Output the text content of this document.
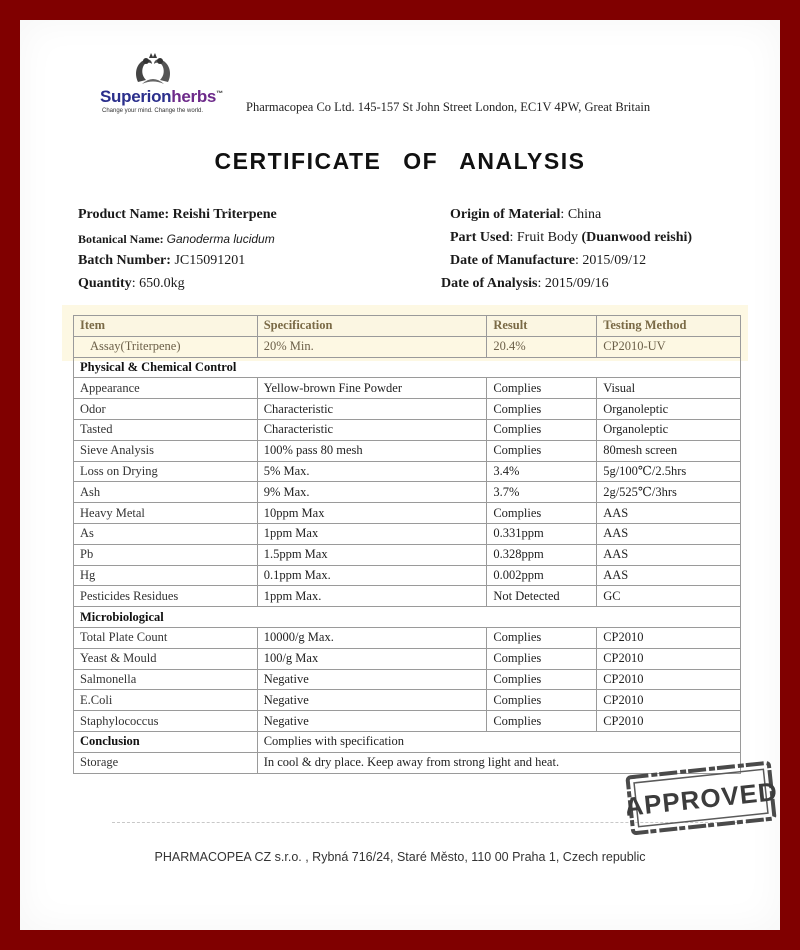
Superionherbs™
Change your mind. Change the world.	Pharmacopea Co Ltd. 145-157 St John Street London, EC1V 4PW, Great Britain
CERTIFICATE OF ANALYSIS
Product Name: Reishi Triterpene
Botanical Name: Ganoderma lucidum
Batch Number: JC15091201
Quantity: 650.0kg
Origin of Material: China
Part Used: Fruit Body (Duanwood reishi)
Date of Manufacture: 2015/09/12
Date of Analysis: 2015/09/16
Item	Specification	Result	Testing Method
Assay(Triterpene)	20% Min.	20.4%	CP2010-UV
Physical & Chemical Control			
Appearance	Yellow-brown Fine Powder	Complies	Visual
Odor	Characteristic	Complies	Organoleptic
Tasted	Characteristic	Complies	Organoleptic
Sieve Analysis	100% pass 80 mesh	Complies	80mesh screen
Loss on Drying	5% Max.	3.4%	5g/100℃/2.5hrs
Ash	9% Max.	3.7%	2g/525℃/3hrs
Heavy Metal	10ppm Max	Complies	AAS
As	1ppm Max	0.331ppm	AAS
Pb	1.5ppm Max	0.328ppm	AAS
Hg	0.1ppm Max.	0.002ppm	AAS
Pesticides Residues	1ppm Max.	Not Detected	GC
Microbiological			
Total Plate Count	10000/g Max.	Complies	CP2010
Yeast & Mould	100/g Max	Complies	CP2010
Salmonella	Negative	Complies	CP2010
E.Coli	Negative	Complies	CP2010
Staphylococcus	Negative	Complies	CP2010
Conclusion	Complies with specification		
Storage	In cool & dry place. Keep away from strong light and heat.		
PHARMACOPEA CZ s.r.o. , Rybná 716/24, Staré Město, 110 00 Praha 1, Czech republic
APPROVED
